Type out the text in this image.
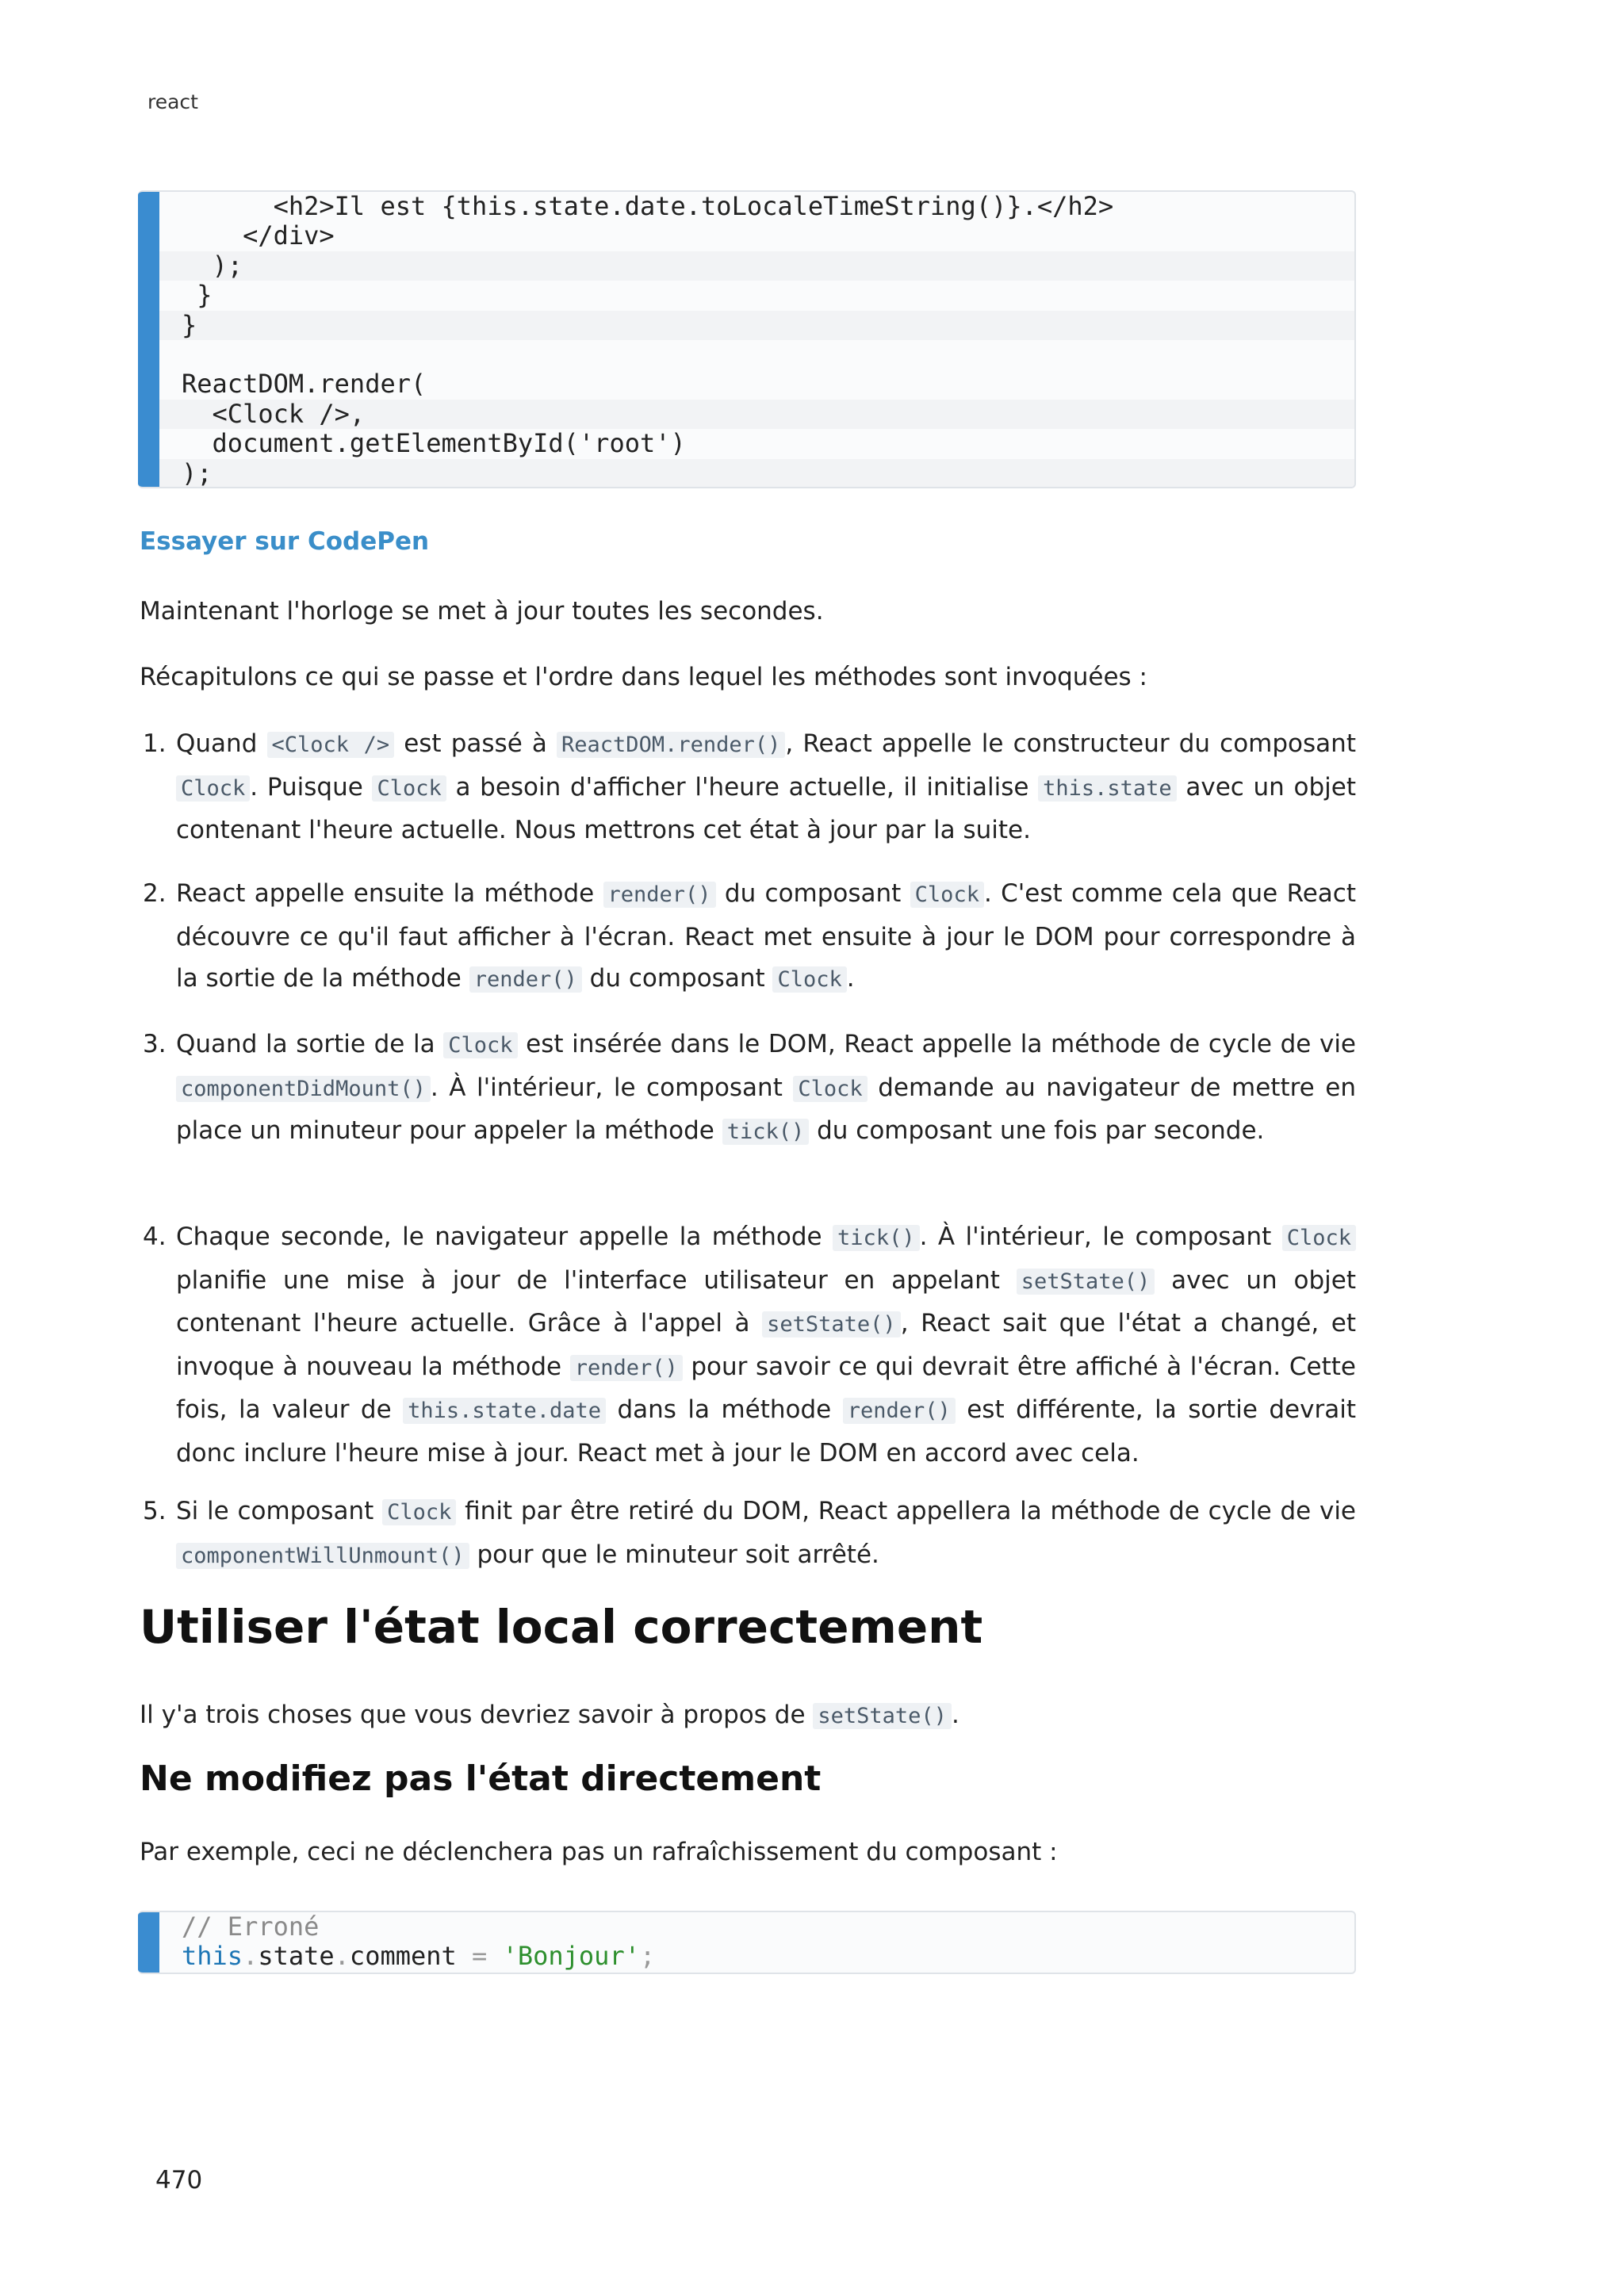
react
<h2>Il est {this.state.date.toLocaleTimeString()}.</h2>
</div>
);
}
}
ReactDOM.render(
<Clock />,
document.getElementById('root')
);
Essayer sur CodePen
Maintenant l'horloge se met à jour toutes les secondes.
Récapitulons ce qui se passe et l'ordre dans lequel les méthodes sont invoquées :
1. Quand <Clock /> est passé à ReactDOM.render() , React appelle le constructeur du composant Clock . Puisque Clock a besoin d'afficher l'heure actuelle, il initialise this.state avec un objet contenant l'heure actuelle. Nous mettrons cet état à jour par la suite.
2. React appelle ensuite la méthode render() du composant Clock . C'est comme cela que React découvre ce qu'il faut afficher à l'écran. React met ensuite à jour le DOM pour correspondre à la sortie de la méthode render() du composant Clock .
3. Quand la sortie de la Clock est insérée dans le DOM, React appelle la méthode de cycle de vie componentDidMount() . À l'intérieur, le composant Clock demande au navigateur de mettre en place un minuteur pour appeler la méthode tick() du composant une fois par seconde.
4. Chaque seconde, le navigateur appelle la méthode tick() . À l'intérieur, le composant Clock planifie une mise à jour de l'interface utilisateur en appelant setState() avec un objet contenant l'heure actuelle. Grâce à l'appel à setState() , React sait que l'état a changé, et invoque à nouveau la méthode render() pour savoir ce qui devrait être affiché à l'écran. Cette fois, la valeur de this.state.date dans la méthode render() est différente, la sortie devrait donc inclure l'heure mise à jour. React met à jour le DOM en accord avec cela.
5. Si le composant Clock finit par être retiré du DOM, React appellera la méthode de cycle de vie componentWillUnmount() pour que le minuteur soit arrêté.
Utiliser l'état local correctement
Il y'a trois choses que vous devriez savoir à propos de setState() .
Ne modifiez pas l'état directement
Par exemple, ceci ne déclenchera pas un rafraîchissement du composant :
// Erroné
this.state.comment = 'Bonjour';
470
